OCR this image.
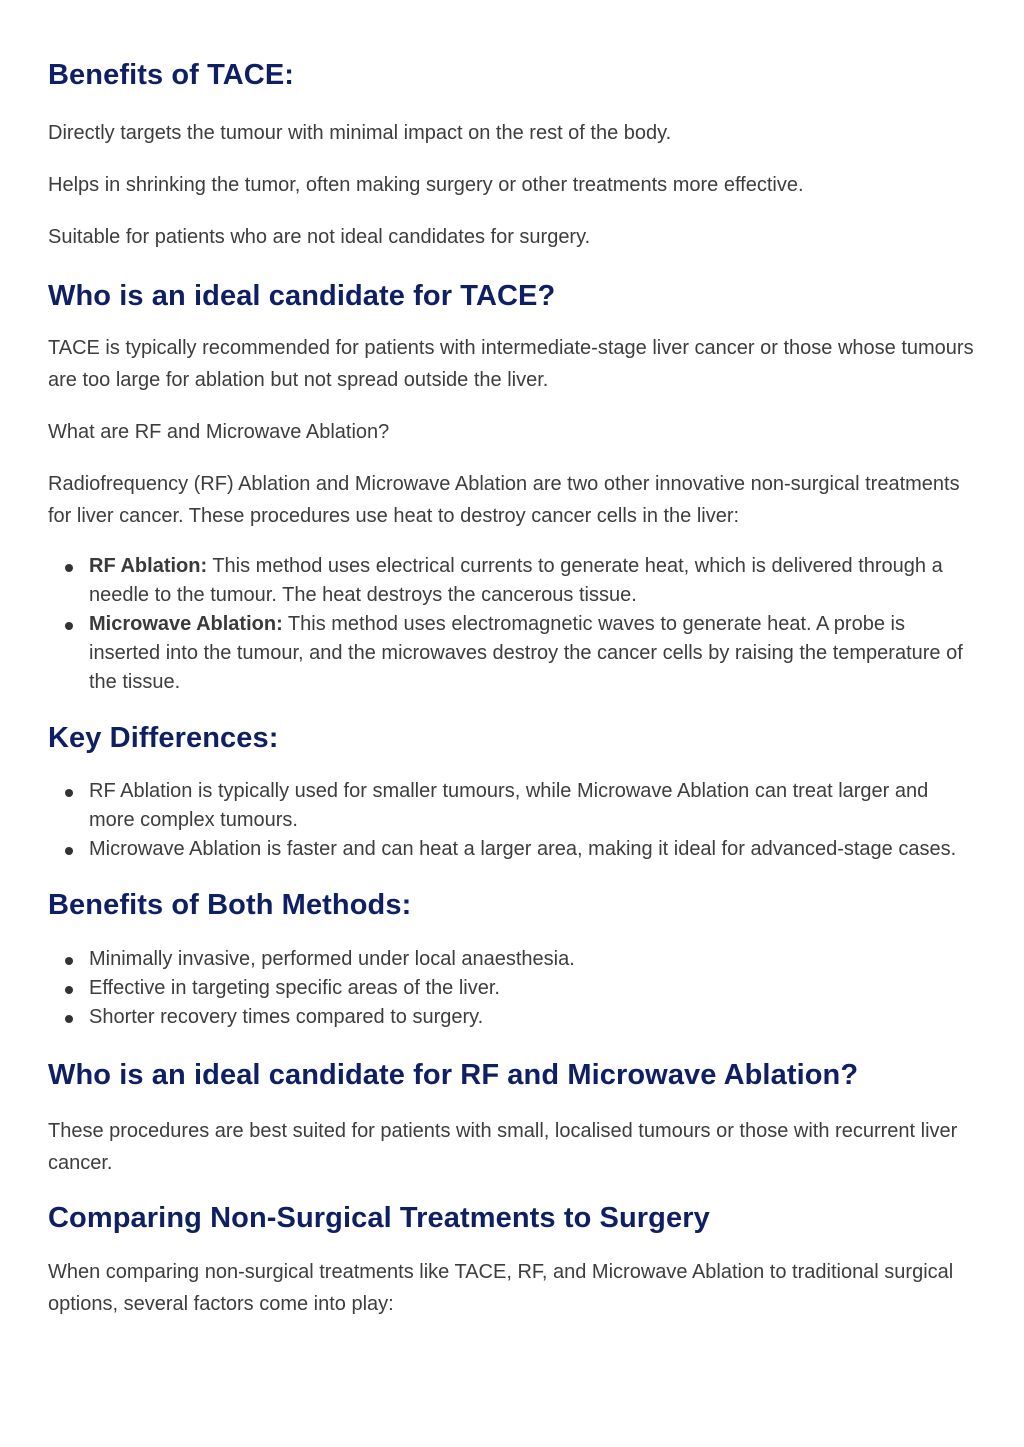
Benefits of TACE:

Directly targets the tumour with minimal impact on the rest of the body.

Helps in shrinking the tumor, often making surgery or other treatments more effective.

Suitable for patients who are not ideal candidates for surgery.

Who is an ideal candidate for TACE?

TACE is typically recommended for patients with intermediate-stage liver cancer or those whose tumours are too large for ablation but not spread outside the liver.

What are RF and Microwave Ablation?

Radiofrequency (RF) Ablation and Microwave Ablation are two other innovative non-surgical treatments for liver cancer. These procedures use heat to destroy cancer cells in the liver:

RF Ablation: This method uses electrical currents to generate heat, which is delivered through a needle to the tumour. The heat destroys the cancerous tissue.
Microwave Ablation: This method uses electromagnetic waves to generate heat. A probe is inserted into the tumour, and the microwaves destroy the cancer cells by raising the temperature of the tissue.
Key Differences:
RF Ablation is typically used for smaller tumours, while Microwave Ablation can treat larger and more complex tumours.
Microwave Ablation is faster and can heat a larger area, making it ideal for advanced-stage cases.
Benefits of Both Methods:
Minimally invasive, performed under local anaesthesia.
Effective in targeting specific areas of the liver.
Shorter recovery times compared to surgery.
Who is an ideal candidate for RF and Microwave Ablation?

These procedures are best suited for patients with small, localised tumours or those with recurrent liver cancer.

Comparing Non-Surgical Treatments to Surgery

When comparing non-surgical treatments like TACE, RF, and Microwave Ablation to traditional surgical options, several factors come into play:
